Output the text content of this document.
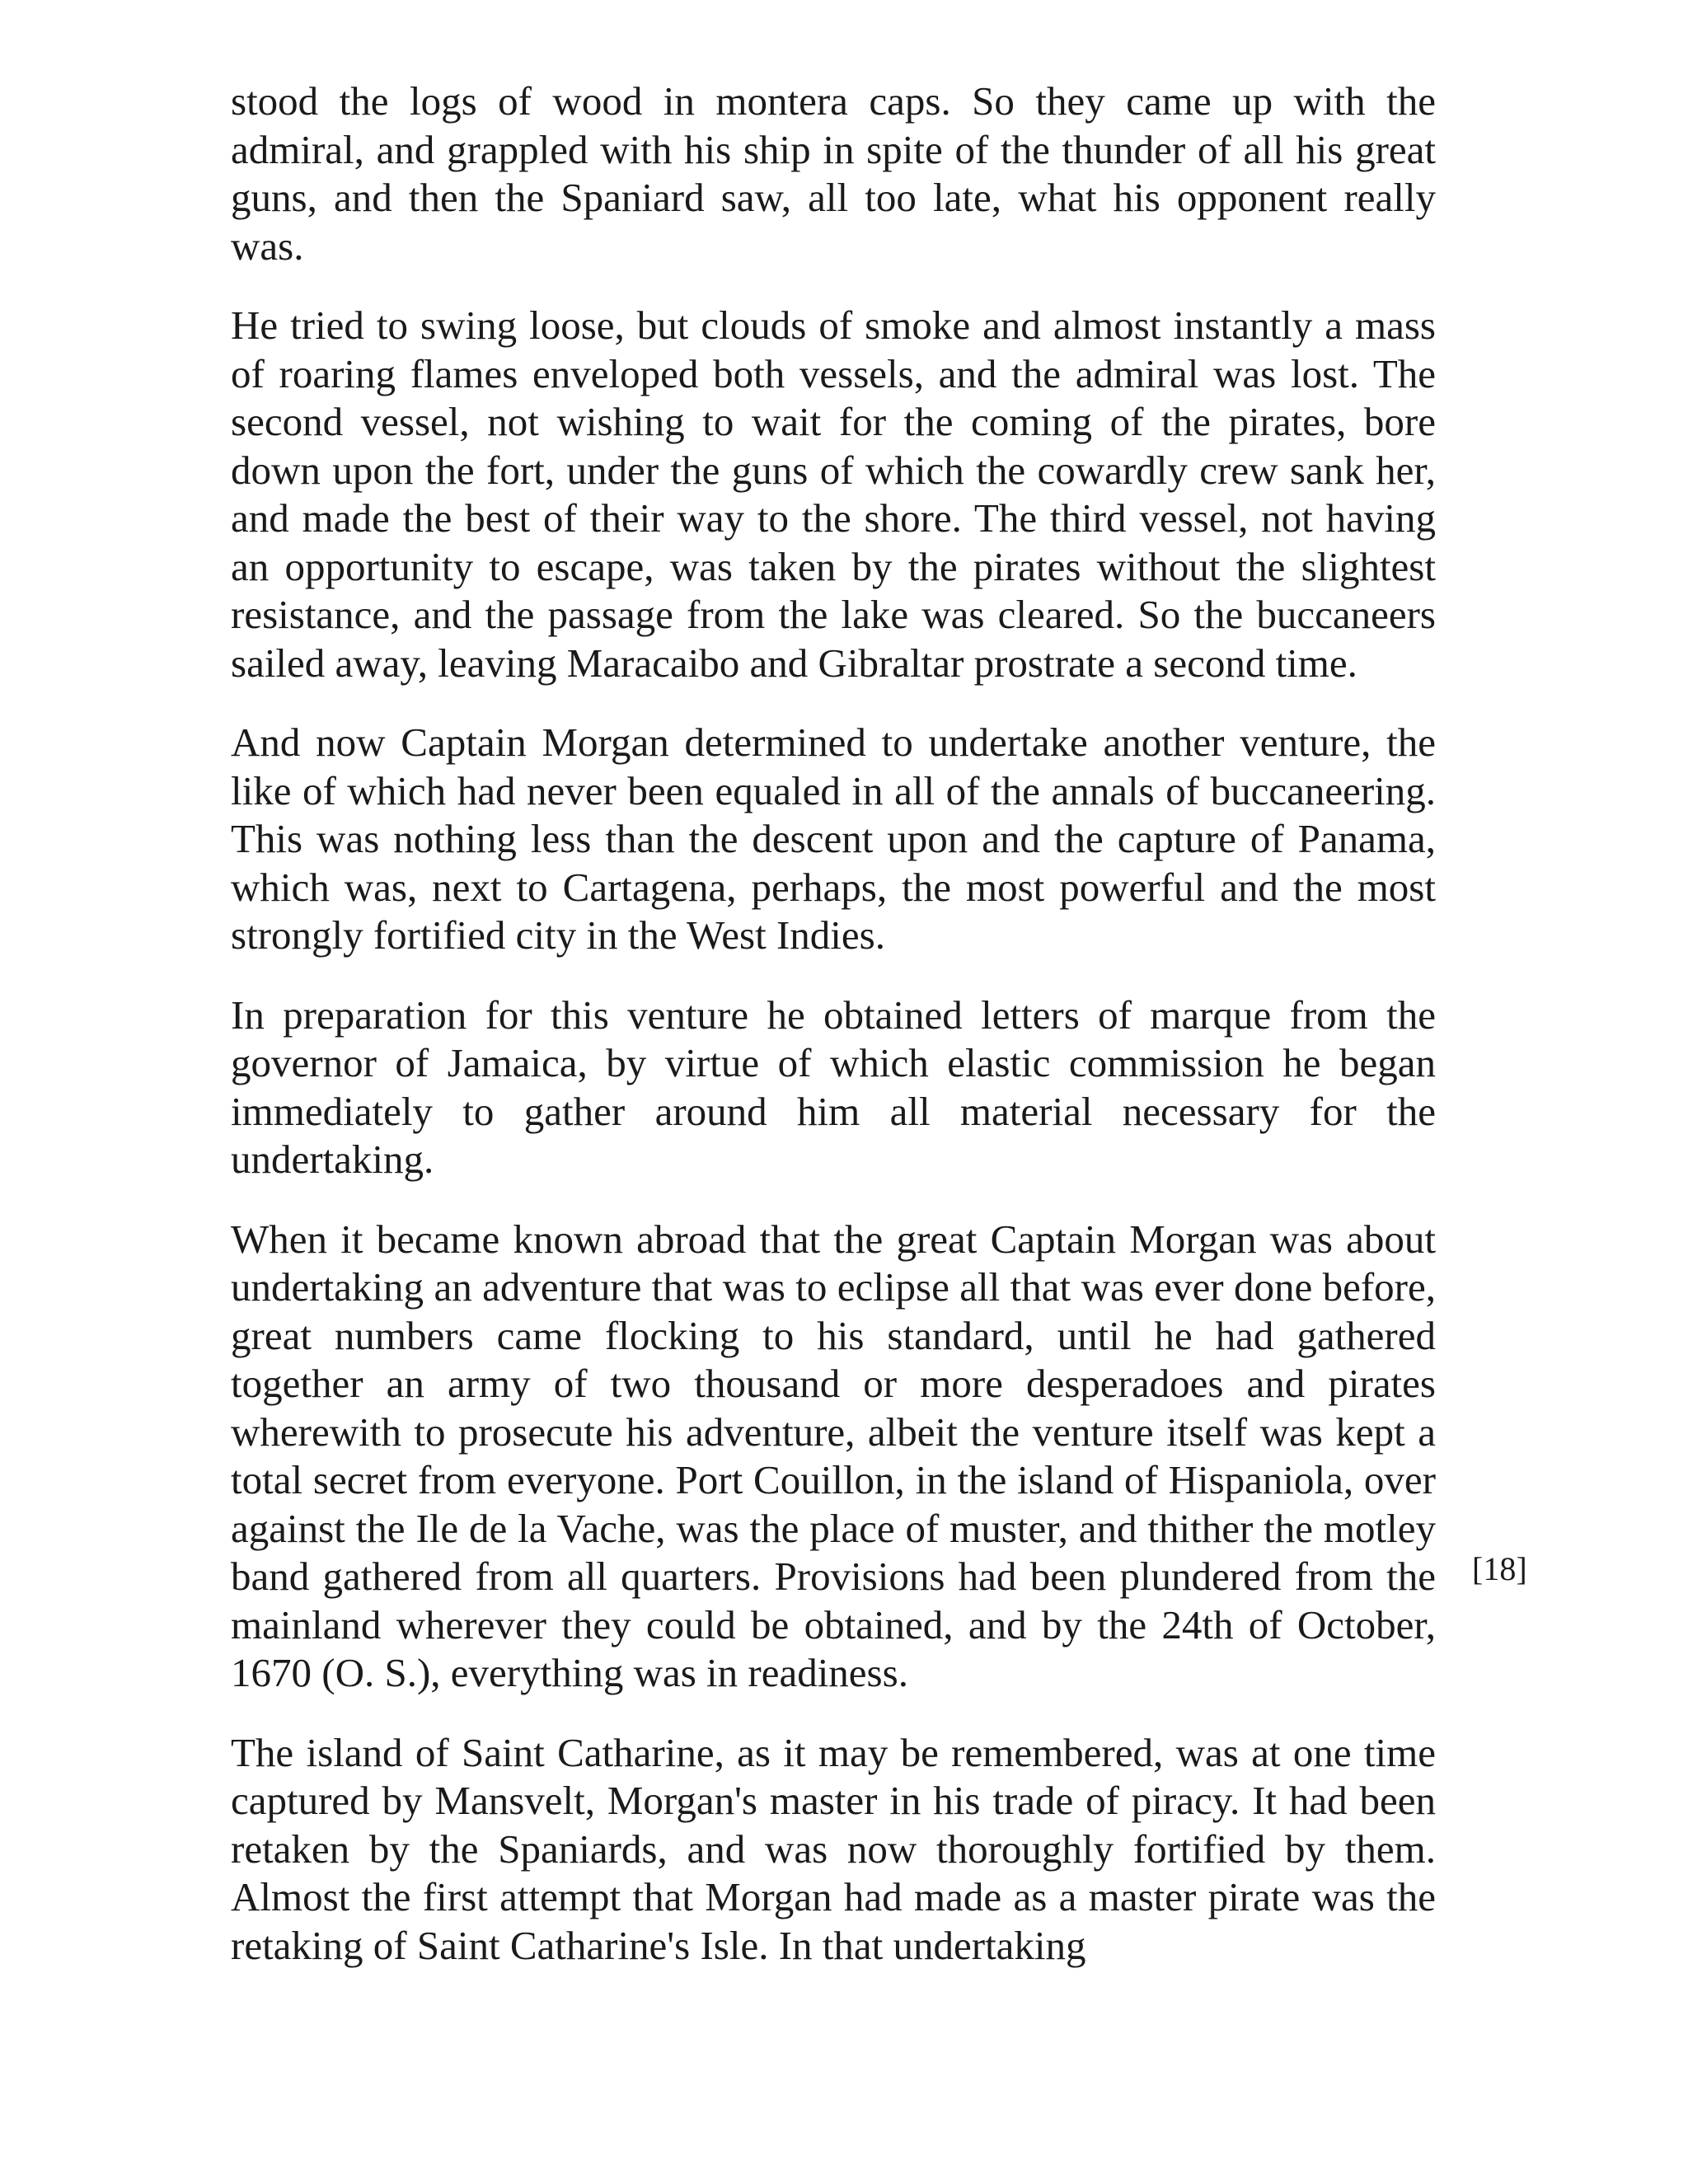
stood the logs of wood in montera caps. So they came up with the admiral, and grappled with his ship in spite of the thunder of all his great guns, and then the Spaniard saw, all too late, what his opponent really was.

He tried to swing loose, but clouds of smoke and almost instantly a mass of roaring flames enveloped both vessels, and the admiral was lost. The second vessel, not wishing to wait for the coming of the pirates, bore down upon the fort, under the guns of which the cowardly crew sank her, and made the best of their way to the shore. The third vessel, not having an opportunity to escape, was taken by the pirates without the slightest resistance, and the passage from the lake was cleared. So the buccaneers sailed away, leaving Maracaibo and Gibraltar prostrate a second time.

And now Captain Morgan determined to undertake another venture, the like of which had never been equaled in all of the annals of buccaneering. This was nothing less than the descent upon and the capture of Panama, which was, next to Cartagena, perhaps, the most powerful and the most strongly fortified city in the West Indies.

In preparation for this venture he obtained letters of marque from the governor of Jamaica, by virtue of which elastic commission he began immediately to gather around him all material necessary for the undertaking.

When it became known abroad that the great Captain Morgan was about undertaking an adventure that was to eclipse all that was ever done before, great numbers came flocking to his standard, until he had gathered together an army of two thousand or more desperadoes and pirates wherewith to prosecute his adventure, albeit the venture itself was kept a total secret from everyone. Port Couillon, in the island of Hispaniola, over against the Ile de la Vache, was the place of muster, and thither the motley band gathered from all quarters. Provisions had been plundered from the mainland wherever they could be obtained, and by the 24th of October, 1670 (O. S.), everything was in readiness.

The island of Saint Catharine, as it may be remembered, was at one time captured by Mansvelt, Morgan's master in his trade of piracy. It had been retaken by the Spaniards, and was now thoroughly fortified by them. Almost the first attempt that Morgan had made as a master pirate was the retaking of Saint Catharine's Isle. In that undertaking

[18]
